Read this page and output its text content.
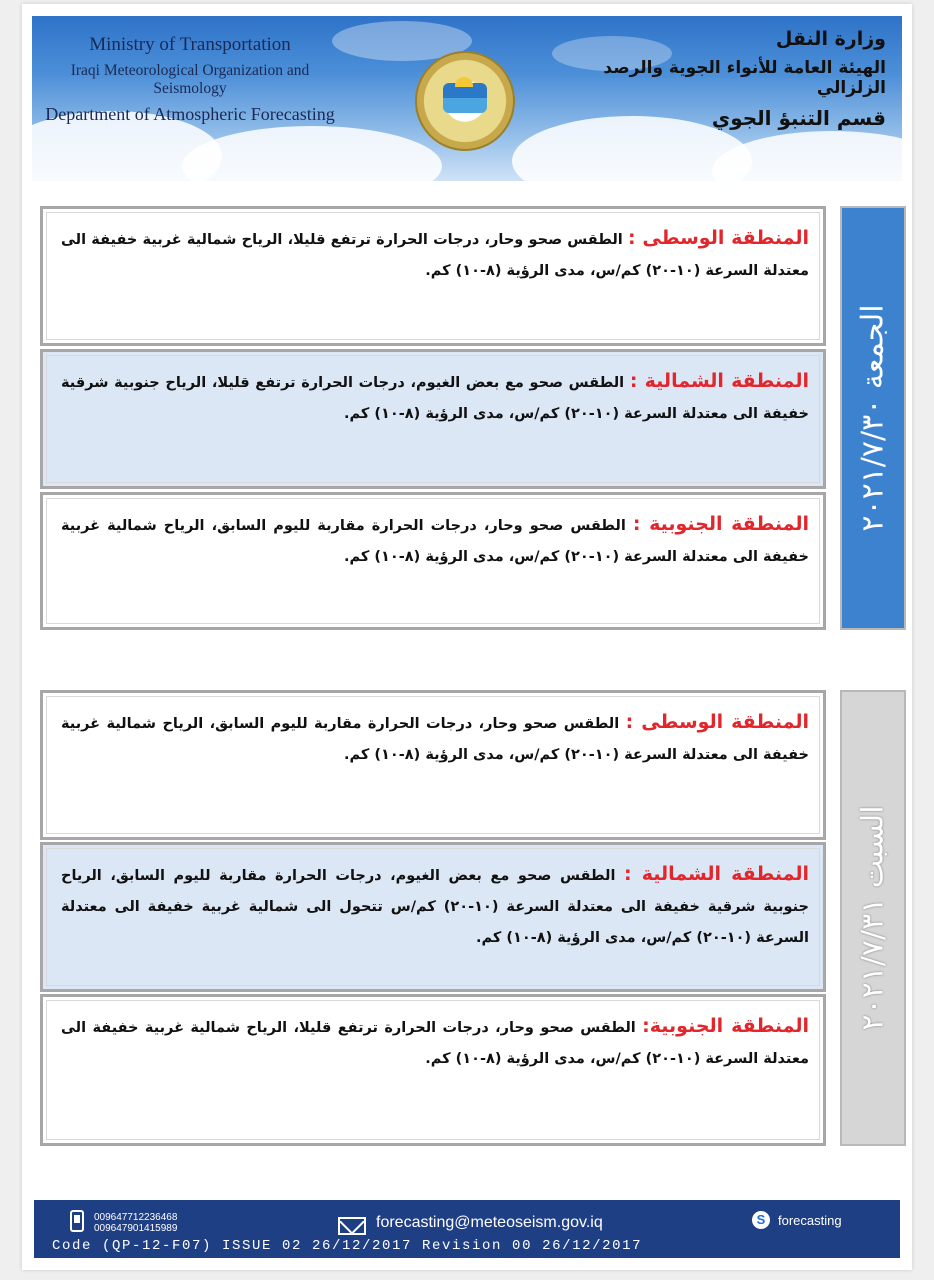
Ministry of Transportation
Iraqi Meteorological Organization and Seismology
Department of Atmospheric Forecasting
وزارة النقل
الهيئة العامة للأنواء الجوية والرصد الزلزالي
قسم التنبؤ الجوي
المنطقة الوسطى : الطقس صحو وحار، درجات الحرارة ترتفع قليلا، الرياح شمالية غربية خفيفة الى معتدلة السرعة (١٠-٢٠) كم/س، مدى الرؤية (٨-١٠) كم.
المنطقة الشمالية : الطقس صحو مع بعض الغيوم، درجات الحرارة ترتفع قليلا، الرياح جنوبية شرقية خفيفة الى معتدلة السرعة (١٠-٢٠) كم/س، مدى الرؤية (٨-١٠) كم.
المنطقة الجنوبية : الطقس صحو وحار، درجات الحرارة مقاربة لليوم السابق، الرياح شمالية غربية خفيفة الى معتدلة السرعة (١٠-٢٠) كم/س، مدى الرؤية (٨-١٠) كم.
الجمعة ٢٠٢١/٧/٣٠
المنطقة الوسطى : الطقس صحو وحار، درجات الحرارة مقاربة لليوم السابق، الرياح شمالية غربية خفيفة الى معتدلة السرعة (١٠-٢٠) كم/س، مدى الرؤية (٨-١٠) كم.
المنطقة الشمالية : الطقس صحو مع بعض الغيوم، درجات الحرارة مقاربة لليوم السابق، الرياح جنوبية شرقية خفيفة الى معتدلة السرعة (١٠-٢٠) كم/س تتحول الى شمالية غربية خفيفة الى معتدلة السرعة (١٠-٢٠) كم/س، مدى الرؤية (٨-١٠) كم.
المنطقة الجنوبية: الطقس صحو وحار، درجات الحرارة ترتفع قليلا، الرياح شمالية غربية خفيفة الى معتدلة السرعة (١٠-٢٠) كم/س، مدى الرؤية (٨-١٠) كم.
السبت ٢٠٢١/٧/٣١
009647712236468
009647901415989	forecasting@meteoseism.gov.iq	S forecasting
Code (QP-12-F07) ISSUE 02 26/12/2017 Revision 00 26/12/2017
